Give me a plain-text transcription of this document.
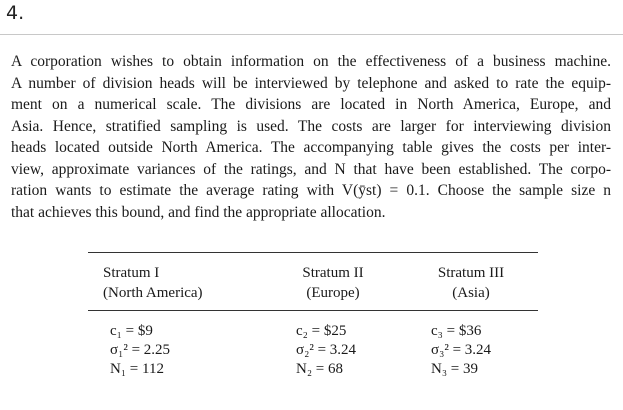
4.
A corporation wishes to obtain information on the effectiveness of a business machine.
A number of division heads will be interviewed by telephone and asked to rate the equip-
ment on a numerical scale. The divisions are located in North America, Europe, and
Asia. Hence, stratified sampling is used. The costs are larger for interviewing division
heads located outside North America. The accompanying table gives the costs per inter-
view, approximate variances of the ratings, and N that have been established. The corpo-
ration wants to estimate the average rating with V(ȳst) = 0.1. Choose the sample size n
that achieves this bound, and find the appropriate allocation.
Stratum I
(North America)
Stratum II
(Europe)
Stratum III
(Asia)
c₁ = $9
σ₁² = 2.25
N₁ = 112
c₂ = $25
σ₂² = 3.24
N₂ = 68
c₃ = $36
σ₃² = 3.24
N₃ = 39
